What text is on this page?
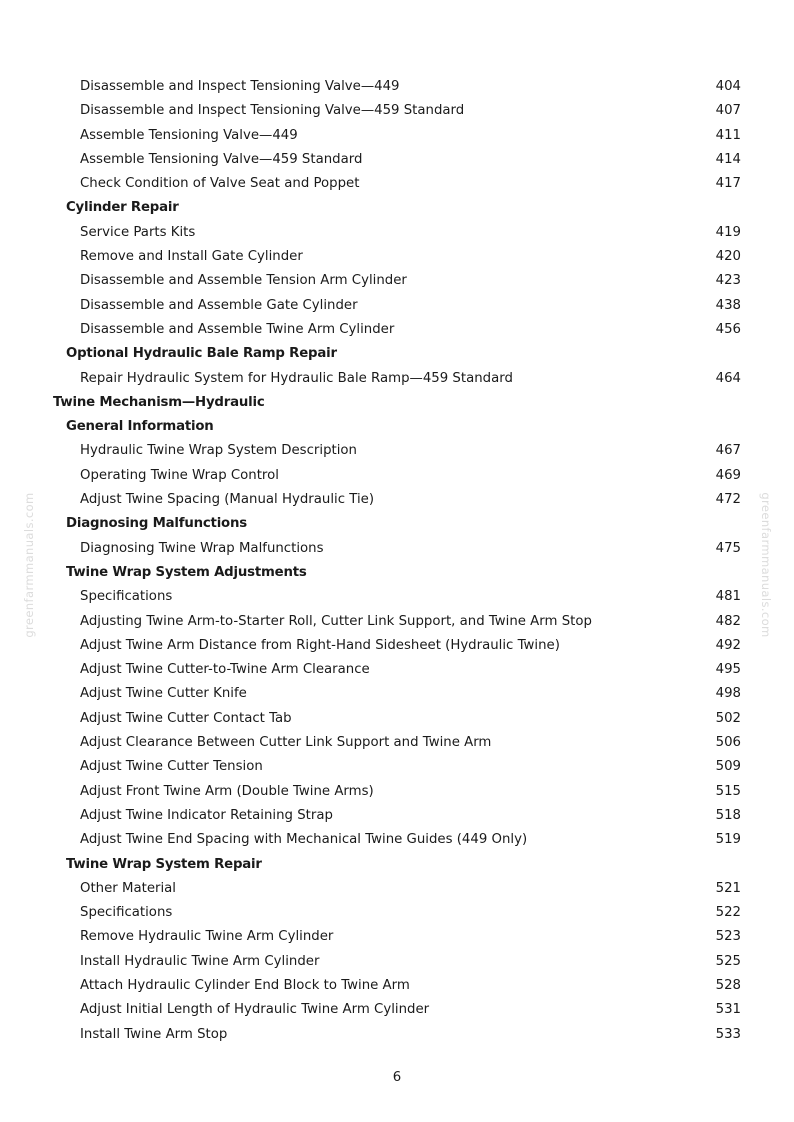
Disassemble and Inspect Tensioning Valve—449	404
Disassemble and Inspect Tensioning Valve—459 Standard	407
Assemble Tensioning Valve—449	411
Assemble Tensioning Valve—459 Standard	414
Check Condition of Valve Seat and Poppet	417
Cylinder Repair
Service Parts Kits	419
Remove and Install Gate Cylinder	420
Disassemble and Assemble Tension Arm Cylinder	423
Disassemble and Assemble Gate Cylinder	438
Disassemble and Assemble Twine Arm Cylinder	456
Optional Hydraulic Bale Ramp Repair
Repair Hydraulic System for Hydraulic Bale Ramp—459 Standard	464
Twine Mechanism—Hydraulic
General Information
Hydraulic Twine Wrap System Description	467
Operating Twine Wrap Control	469
Adjust Twine Spacing (Manual Hydraulic Tie)	472
Diagnosing Malfunctions
Diagnosing Twine Wrap Malfunctions	475
Twine Wrap System Adjustments
Specifications	481
Adjusting Twine Arm-to-Starter Roll, Cutter Link Support, and Twine Arm Stop	482
Adjust Twine Arm Distance from Right-Hand Sidesheet (Hydraulic Twine)	492
Adjust Twine Cutter-to-Twine Arm Clearance	495
Adjust Twine Cutter Knife	498
Adjust Twine Cutter Contact Tab	502
Adjust Clearance Between Cutter Link Support and Twine Arm	506
Adjust Twine Cutter Tension	509
Adjust Front Twine Arm (Double Twine Arms)	515
Adjust Twine Indicator Retaining Strap	518
Adjust Twine End Spacing with Mechanical Twine Guides (449 Only)	519
Twine Wrap System Repair
Other Material	521
Specifications	522
Remove Hydraulic Twine Arm Cylinder	523
Install Hydraulic Twine Arm Cylinder	525
Attach Hydraulic Cylinder End Block to Twine Arm	528
Adjust Initial Length of Hydraulic Twine Arm Cylinder	531
Install Twine Arm Stop	533
6
greenfarmmanuals.com	greenfarmmanuals.com
